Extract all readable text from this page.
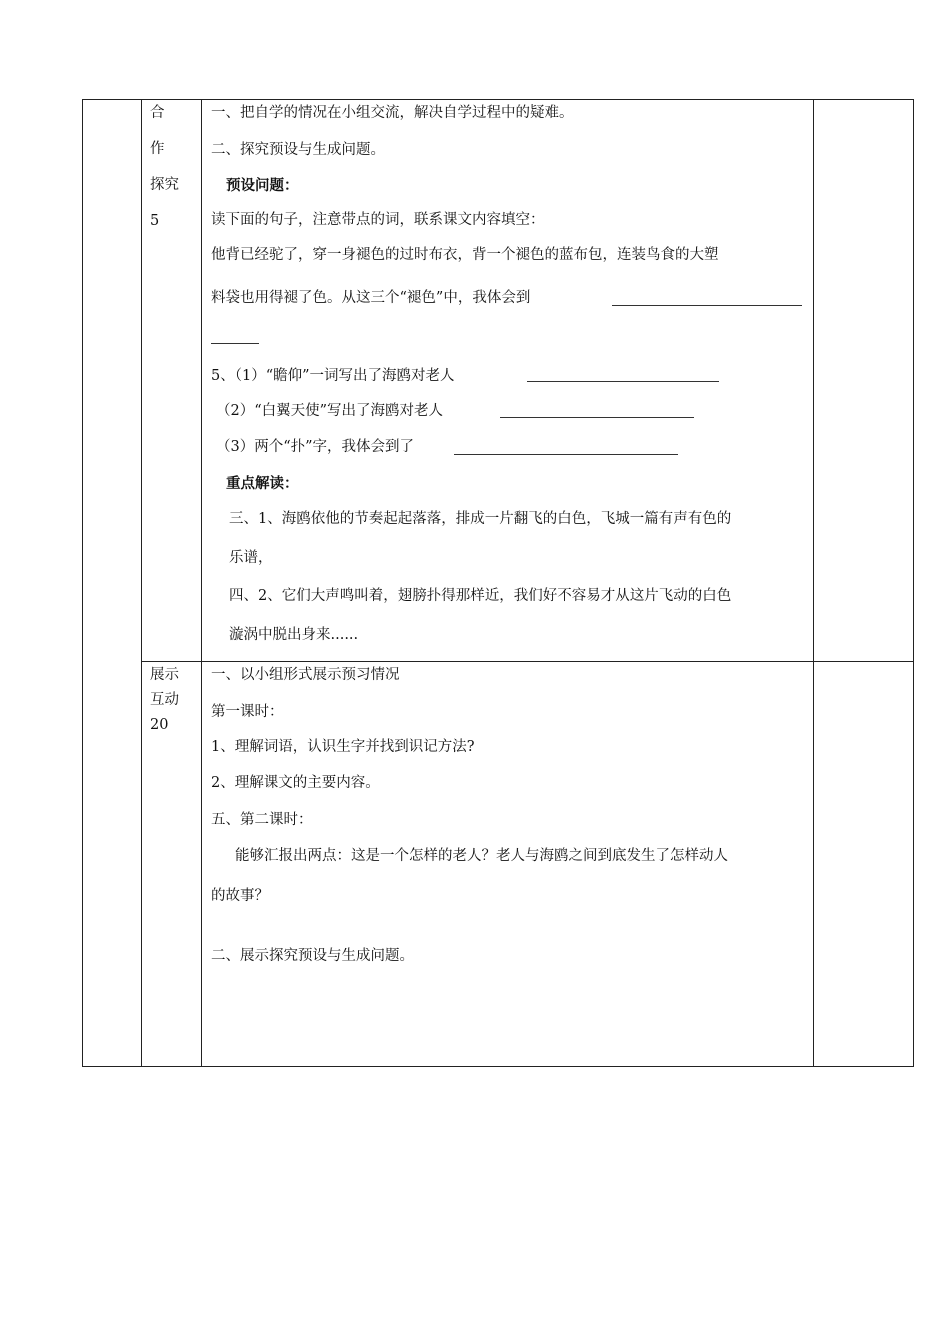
合
作
探究
5
一、把自学的情况在小组交流，解决自学过程中的疑难。
二、探究预设与生成问题。
预设问题：
读下面的句子，注意带点的词，联系课文内容填空：
他背已经驼了，穿一身褪色的过时布衣，背一个褪色的蓝布包，连装鸟食的大塑
料袋也用得褪了色。从这三个“褪色”中，我体会到
5、（1）“瞻仰”一词写出了海鸥对老人
（2）“白翼天使”写出了海鸥对老人
（3）两个“扑”字，我体会到了
重点解读：
三、1、海鸥依他的节奏起起落落，排成一片翻飞的白色，飞城一篇有声有色的
乐谱，
四、2、它们大声鸣叫着，翅膀扑得那样近，我们好不容易才从这片飞动的白色
漩涡中脱出身来......
展示
互动
20
一、以小组形式展示预习情况
第一课时：
1、理解词语，认识生字并找到识记方法?
2、理解课文的主要内容。
五、第二课时：
能够汇报出两点：这是一个怎样的老人？老人与海鸥之间到底发生了怎样动人
的故事？
二、展示探究预设与生成问题。
